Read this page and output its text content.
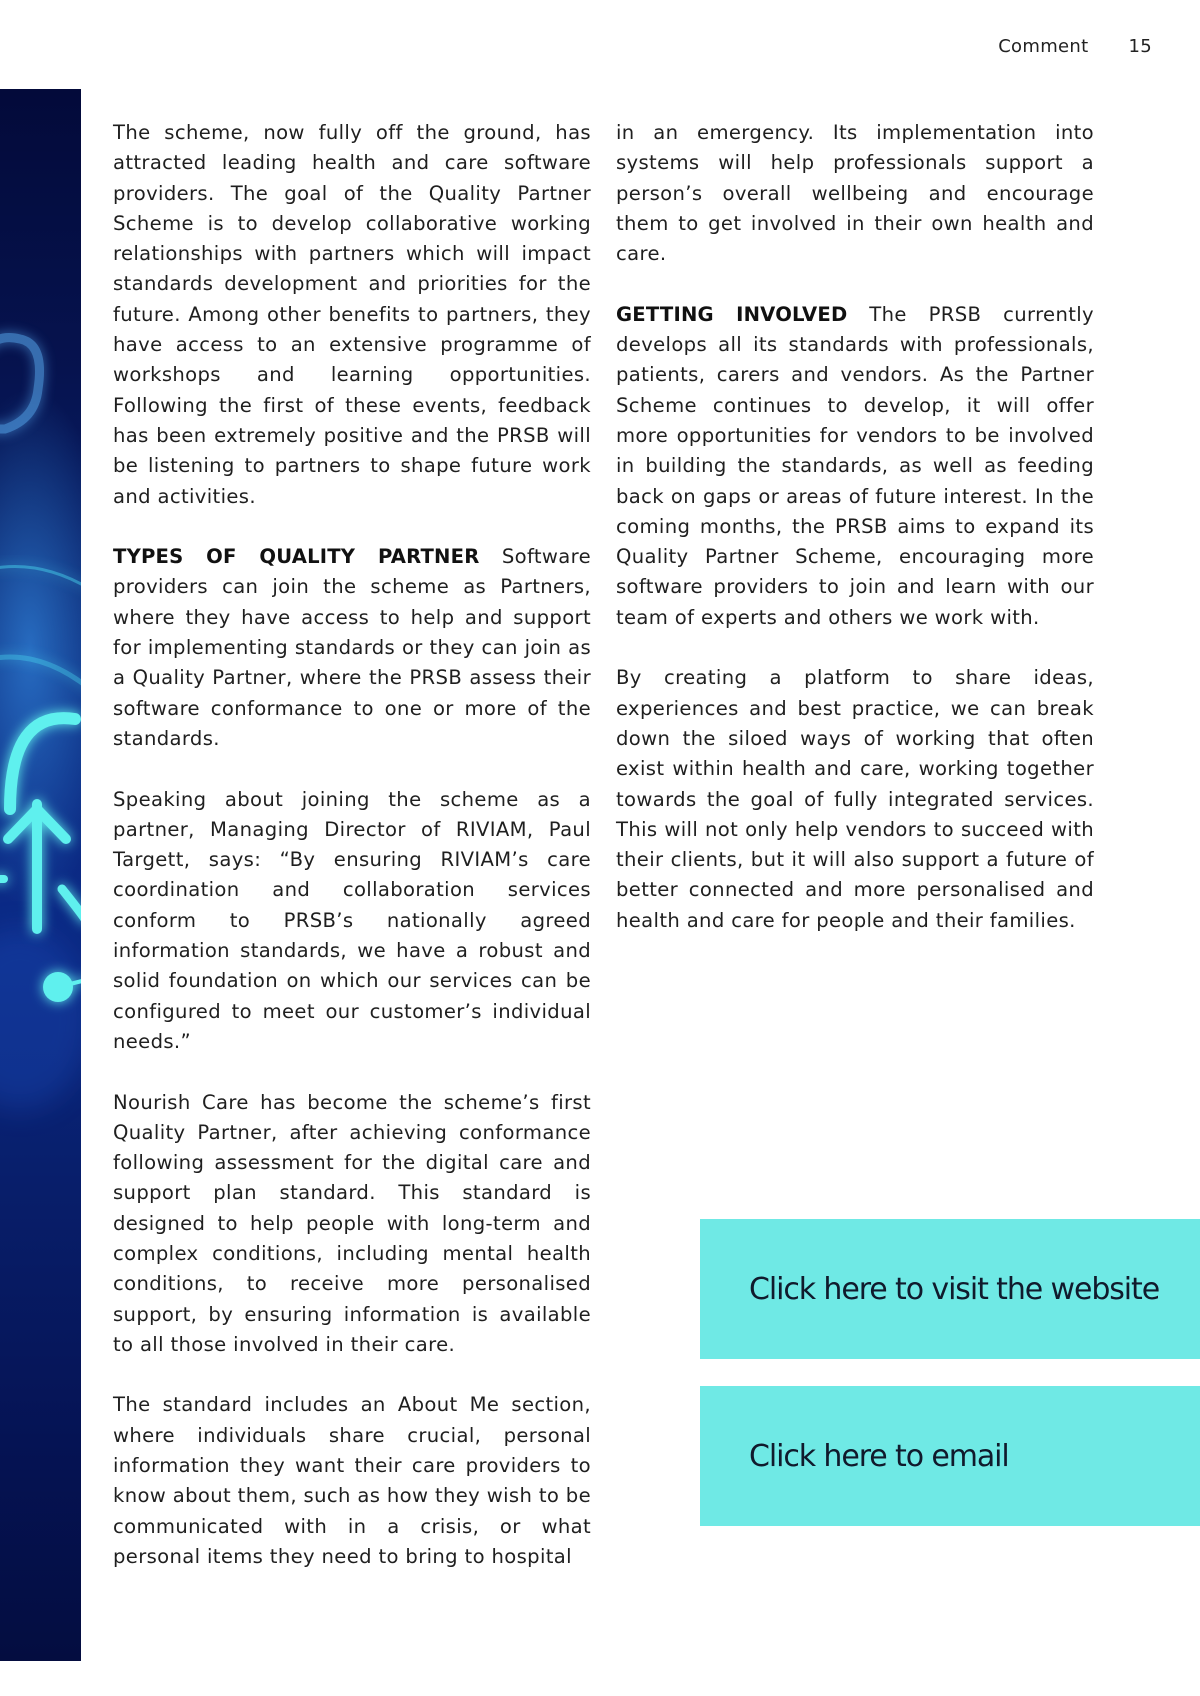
Comment 15

The scheme, now fully off the ground, has attracted leading health and care software providers. The goal of the Quality Partner Scheme is to develop collaborative working relationships with partners which will impact standards development and priorities for the future. Among other benefits to partners, they have access to an extensive programme of workshops and learning opportunities. Following the first of these events, feedback has been extremely positive and the PRSB will be listening to partners to shape future work and activities.

TYPES OF QUALITY PARTNER Software providers can join the scheme as Partners, where they have access to help and support for implementing standards or they can join as a Quality Partner, where the PRSB assess their software conformance to one or more of the standards.

Speaking about joining the scheme as a partner, Managing Director of RIVIAM, Paul Targett, says: “By ensuring RIVIAM’s care coordination and collaboration services conform to PRSB’s nationally agreed information standards, we have a robust and solid foundation on which our services can be configured to meet our customer’s individual needs.”

Nourish Care has become the scheme’s first Quality Partner, after achieving conformance following assessment for the digital care and support plan standard. This standard is designed to help people with long-term and complex conditions, including mental health conditions, to receive more personalised support, by ensuring information is available to all those involved in their care.

The standard includes an About Me section, where individuals share crucial, personal information they want their care providers to know about them, such as how they wish to be communicated with in a crisis, or what personal items they need to bring to hospital

in an emergency. Its implementation into systems will help professionals support a person’s overall wellbeing and encourage them to get involved in their own health and care.

GETTING INVOLVED The PRSB currently develops all its standards with professionals, patients, carers and vendors. As the Partner Scheme continues to develop, it will offer more opportunities for vendors to be involved in building the standards, as well as feeding back on gaps or areas of future interest. In the coming months, the PRSB aims to expand its Quality Partner Scheme, encouraging more software providers to join and learn with our team of experts and others we work with.

By creating a platform to share ideas, experiences and best practice, we can break down the siloed ways of working that often exist within health and care, working together towards the goal of fully integrated services. This will not only help vendors to succeed with their clients, but it will also support a future of better connected and more personalised and health and care for people and their families.

Click here to visit the website
Click here to email
